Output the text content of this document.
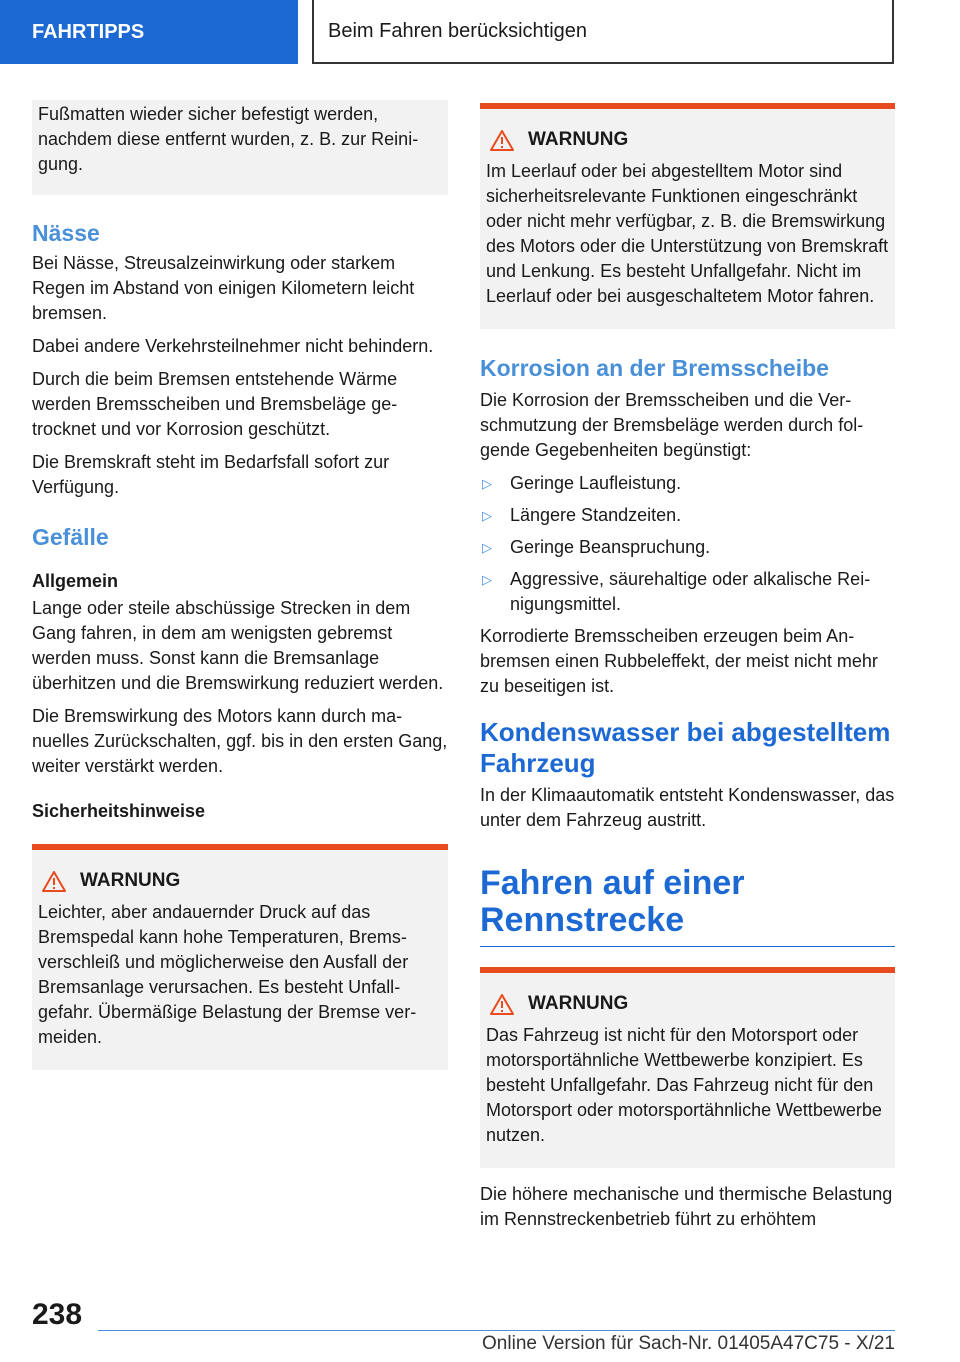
FAHRTIPPS	Beim Fahren berücksichtigen

Fußmatten wieder sicher befestigt werden, nachdem diese entfernt wurden, z. B. zur Reinigung.

Nässe

Bei Nässe, Streusalzeinwirkung oder starkem Regen im Abstand von einigen Kilometern leicht bremsen.

Dabei andere Verkehrsteilnehmer nicht behindern.

Durch die beim Bremsen entstehende Wärme werden Bremsscheiben und Bremsbeläge getrocknet und vor Korrosion geschützt.

Die Bremskraft steht im Bedarfsfall sofort zur Verfügung.

Gefälle
Allgemein

Lange oder steile abschüssige Strecken in dem Gang fahren, in dem am wenigsten gebremst werden muss. Sonst kann die Bremsanlage überhitzen und die Bremswirkung reduziert werden.

Die Bremswirkung des Motors kann durch manuelles Zurückschalten, ggf. bis in den ersten Gang, weiter verstärkt werden.

Sicherheitshinweise
WARNUNG

Leichter, aber andauernder Druck auf das Bremspedal kann hohe Temperaturen, Bremsverschleiß und möglicherweise den Ausfall der Bremsanlage verursachen. Es besteht Unfallgefahr. Übermäßige Belastung der Bremse vermeiden.

WARNUNG

Im Leerlauf oder bei abgestelltem Motor sind sicherheitsrelevante Funktionen eingeschränkt oder nicht mehr verfügbar, z. B. die Bremswirkung des Motors oder die Unterstützung von Bremskraft und Lenkung. Es besteht Unfallgefahr. Nicht im Leerlauf oder bei ausgeschaltetem Motor fahren.

Korrosion an der Bremsscheibe

Die Korrosion der Bremsscheiben und die Verschmutzung der Bremsbeläge werden durch folgende Gegebenheiten begünstigt:

▷	Geringe Laufleistung.
▷	Längere Standzeiten.
▷	Geringe Beanspruchung.
▷	Aggressive, säurehaltige oder alkalische Reinigungsmittel.

Korrodierte Bremsscheiben erzeugen beim Anbremsen einen Rubbeleffekt, der meist nicht mehr zu beseitigen ist.

Kondenswasser bei abgestelltem Fahrzeug

In der Klimaautomatik entsteht Kondenswasser, das unter dem Fahrzeug austritt.

Fahren auf einer Rennstrecke
WARNUNG

Das Fahrzeug ist nicht für den Motorsport oder motorsportähnliche Wettbewerbe konzipiert. Es besteht Unfallgefahr. Das Fahrzeug nicht für den Motorsport oder motorsportähnliche Wettbewerbe nutzen.

Die höhere mechanische und thermische Belastung im Rennstreckenbetrieb führt zu erhöhtem

238
Online Version für Sach-Nr. 01405A47C75 - X/21
